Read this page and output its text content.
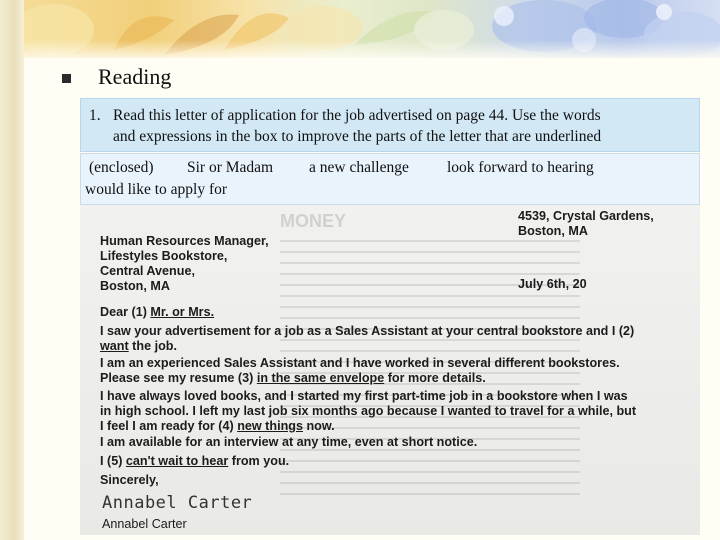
Reading
1. Read this letter of application for the job advertised on page 44. Use the words
and expressions in the box to improve the parts of the letter that are underlined
(enclosed) Sir or Madam a new challenge look forward to hearing
would like to apply for
MONEY	4539, Crystal Gardens,
Boston, MA
Human Resources Manager,
Lifestyles Bookstore,
Central Avenue,
Boston, MA	July 6th, 20
Dear (1) Mr. or Mrs.
I saw your advertisement for a job as a Sales Assistant at your central bookstore and I (2)
want the job.
I am an experienced Sales Assistant and I have worked in several different bookstores.
Please see my resume (3) in the same envelope for more details.
I have always loved books, and I started my first part-time job in a bookstore when I was
in high school. I left my last job six months ago because I wanted to travel for a while, but
I feel I am ready for (4) new things now.
I am available for an interview at any time, even at short notice.
I (5) can't wait to hear from you.
Sincerely,
Annabel Carter
Annabel Carter
